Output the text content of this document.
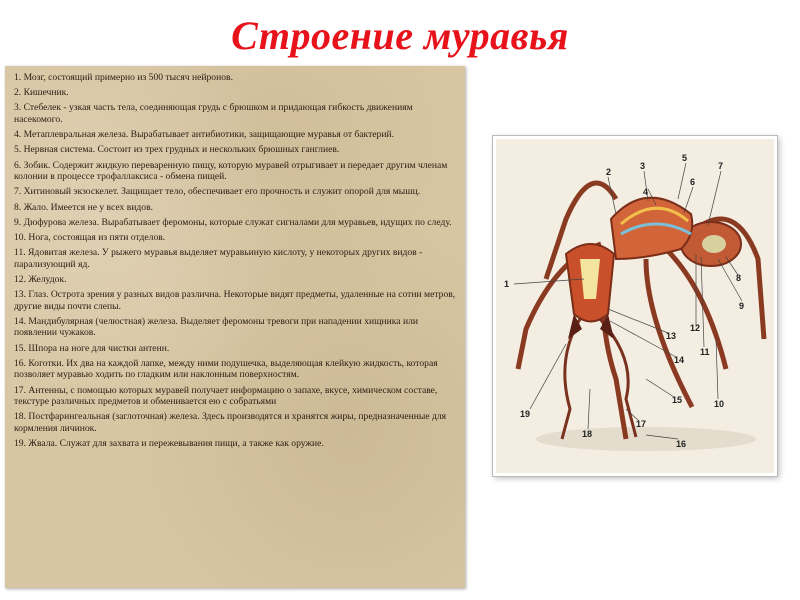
Строение муравья
1. Мозг, состоящий примерно из 500 тысяч нейронов.
2. Кишечник.
3. Стебелек - узкая часть тела, соединяющая грудь с брюшком и придающая гибкость движениям насекомого.
4. Метаплевральная железа. Вырабатывает антибиотики, защищающие муравья от бактерий.
5. Нервная система. Состоит из трех грудных и нескольких брюшных ганглиев.
6. Зобик. Содержит жидкую переваренную пищу, которую муравей отрыгивает и передает другим членам колонии в процессе трофаллаксиса - обмена пищей.
7. Хитиновый экзоскелет. Защищает тело, обеспечивает его прочность и служит опорой для мышц.
8. Жало. Имеется не у всех видов.
9. Дюфурова железа. Вырабатывает феромоны, которые служат сигналами для муравьев, идущих по следу.
10. Нога, состоящая из пяти отделов.
11. Ядовитая железа. У рыжего муравья выделяет муравьиную кислоту, у некоторых других видов - парализующий яд.
12. Желудок.
13. Глаз. Острота зрения у разных видов различна. Некоторые видят предметы, удаленные на сотни метров, другие виды почти слепы.
14. Мандибулярная (челюстная) железа. Выделяет феромоны тревоги при нападении хищника или появлении чужаков.
15. Шпора на ноге для чистки антенн.
16. Коготки. Их два на каждой лапке, между ними подушечка, выделяющая клейкую жидкость, которая позволяет муравью ходить по гладким или наклонным поверхностям.
17. Антенны, с помощью которых муравей получает информацию о запахе, вкусе, химическом составе, текстуре различных предметов и обменивается ею с собратьями
18. Постфарингеальная (заглоточная) железа. Здесь производятся и хранятся жиры, предназначенные для кормления личинок.
19. Жвала. Служат для захвата и пережевывания пищи, а также как оружие.
1
2
3
4
5
6
7
8
9
10
11
12
13
14
15
16
17
18
19
